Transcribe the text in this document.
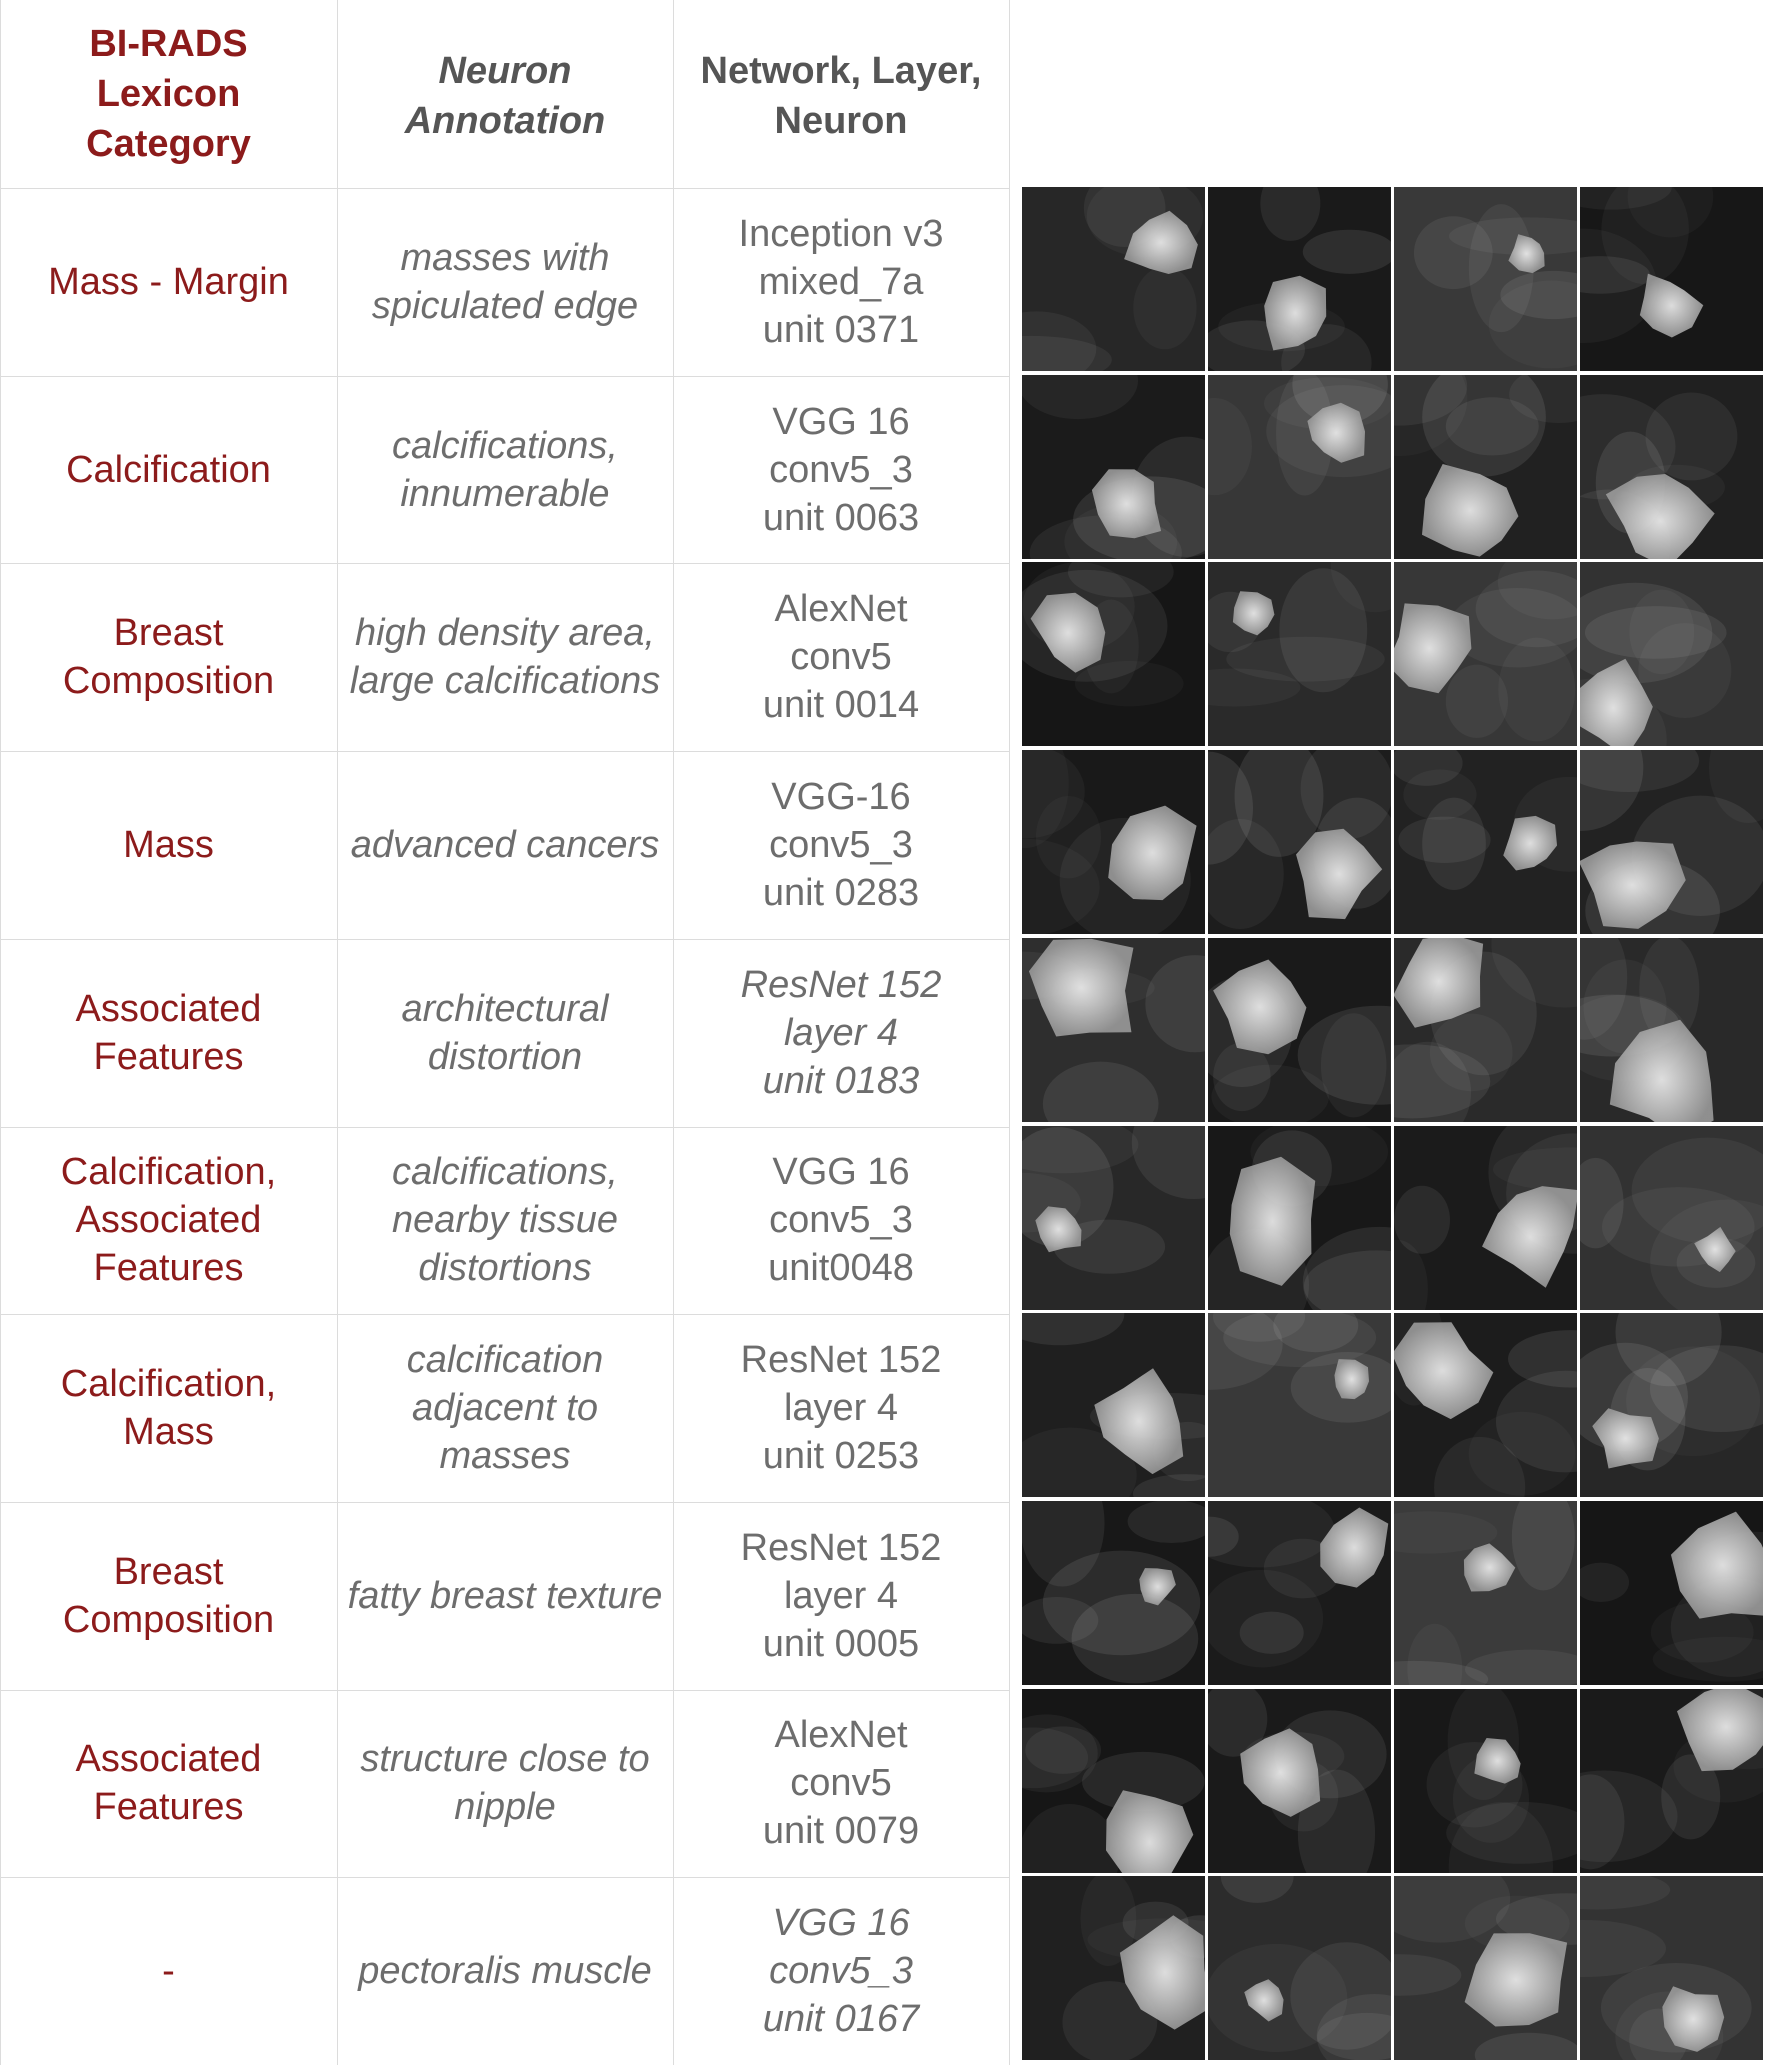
BI-RADS
Lexicon
Category
Neuron
Annotation
Network, Layer,
Neuron
Mass - Margin
masses with
spiculated edge
Inception v3
mixed_7a
unit 0371
Calcification
calcifications,
innumerable
VGG 16
conv5_3
unit 0063
Breast
Composition
high density area,
large calcifications
AlexNet
conv5
unit 0014
Mass	advanced cancers
VGG-16
conv5_3
unit 0283
Associated
Features
architectural
distortion
ResNet 152
layer 4
unit 0183
Calcification,
Associated
Features
calcifications,
nearby tissue
distortions
VGG 16
conv5_3
unit0048
Calcification,
Mass
calcification
adjacent to
masses
ResNet 152
layer 4
unit 0253
Breast
Composition
fatty breast texture
ResNet 152
layer 4
unit 0005
Associated
Features
structure close to
nipple
AlexNet
conv5
unit 0079
-	pectoralis muscle
VGG 16
conv5_3
unit 0167
